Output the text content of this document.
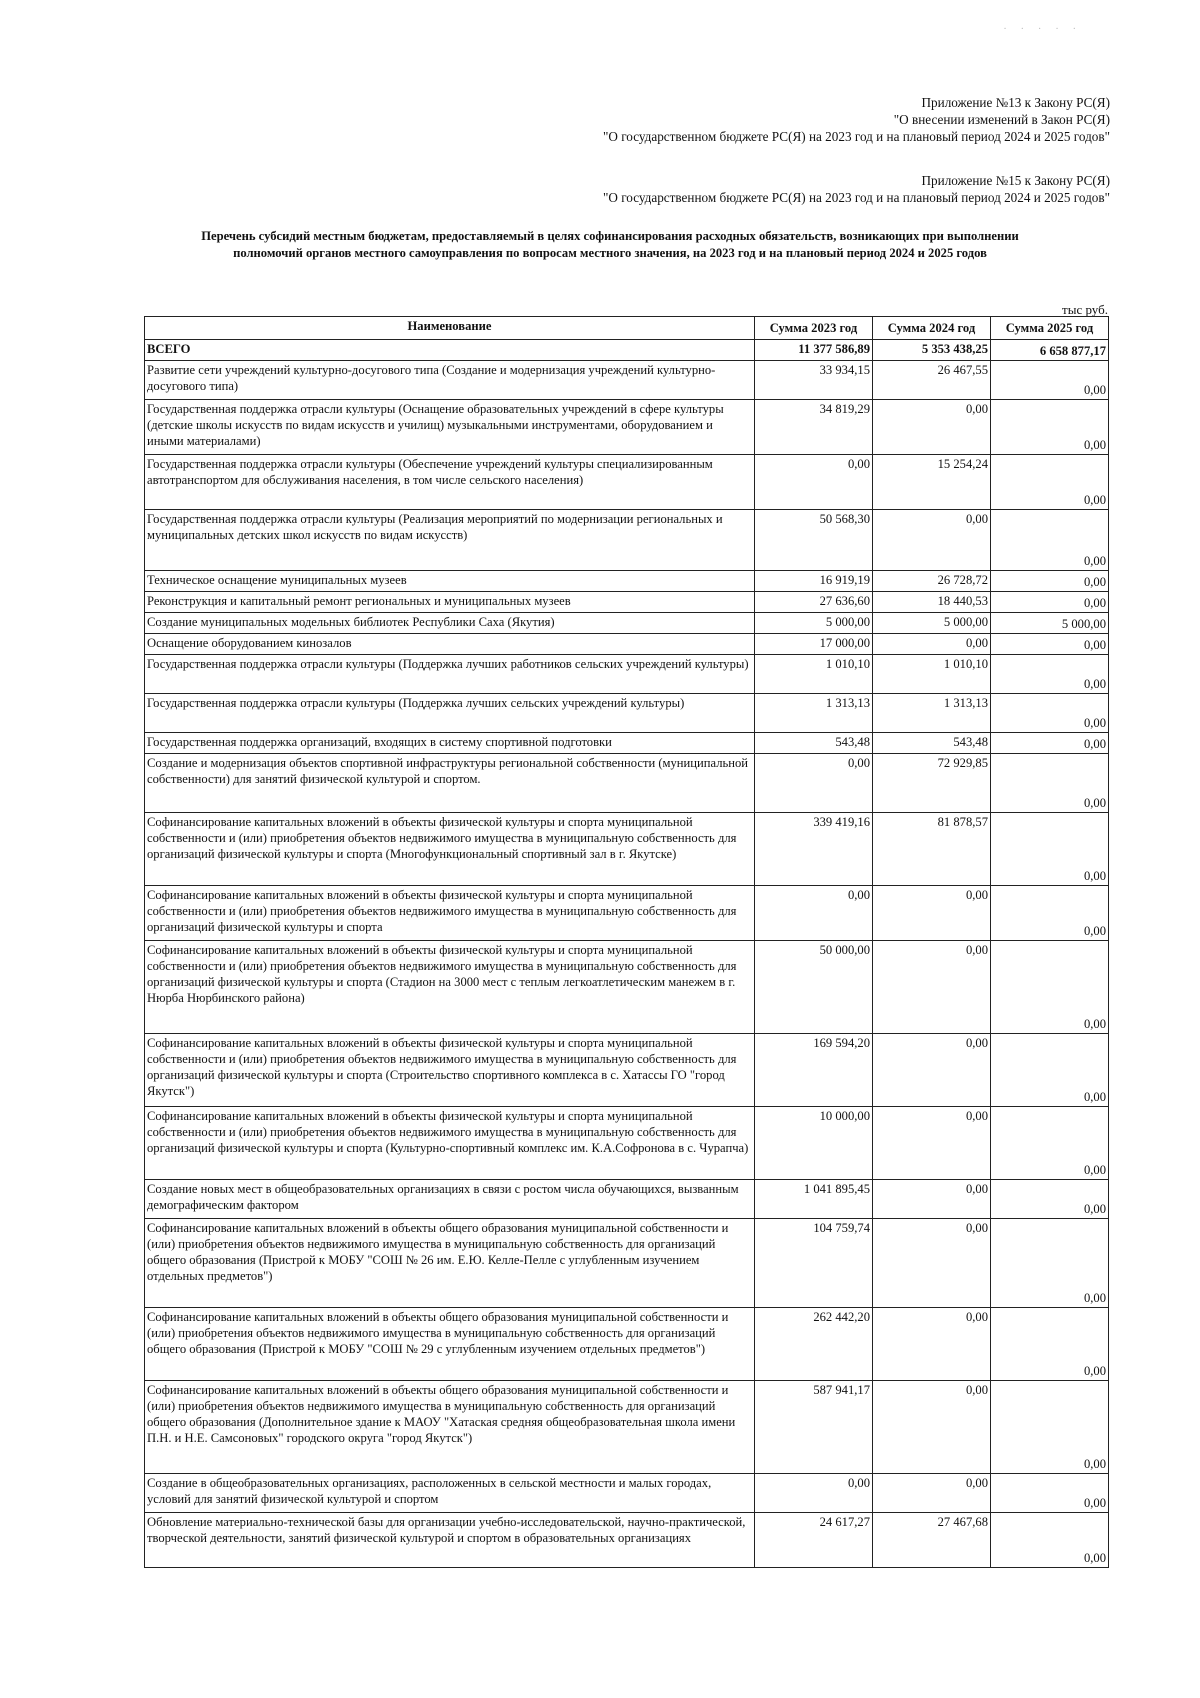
·····
Приложение №13 к Закону РС(Я)
"О внесении изменений в Закон РС(Я)
"О государственном бюджете РС(Я) на 2023 год и на плановый период 2024 и 2025 годов"
Приложение №15 к Закону РС(Я)
"О государственном бюджете РС(Я) на 2023 год и на плановый период 2024 и 2025 годов"
Перечень субсидий местным бюджетам, предоставляемый в целях софинансирования расходных обязательств, возникающих при выполнении
полномочий органов местного самоуправления по вопросам местного значения, на 2023 год и на плановый период 2024 и 2025 годов
тыс руб.
Наименование	Сумма 2023 год	Сумма 2024 год	Сумма 2025 год
ВСЕГО	11 377 586,89	5 353 438,25	6 658 877,17
Развитие сети учреждений культурно-досугового типа (Создание и модернизация учреждений культурно-досугового типа)	33 934,15	26 467,55	0,00
Государственная поддержка отрасли культуры (Оснащение образовательных учреждений в сфере культуры (детские школы искусств по видам искусств и училищ) музыкальными инструментами, оборудованием и иными материалами)	34 819,29	0,00	0,00
Государственная поддержка отрасли культуры (Обеспечение учреждений культуры специализированным автотранспортом для обслуживания населения, в том числе сельского населения)	0,00	15 254,24	0,00
Государственная поддержка отрасли культуры (Реализация мероприятий по модернизации региональных и муниципальных детских школ искусств по видам искусств)	50 568,30	0,00	0,00
Техническое оснащение муниципальных музеев	16 919,19	26 728,72	0,00
Реконструкция и капитальный ремонт региональных и муниципальных музеев	27 636,60	18 440,53	0,00
Создание муниципальных модельных библиотек Республики Саха (Якутия)	5 000,00	5 000,00	5 000,00
Оснащение оборудованием кинозалов	17 000,00	0,00	0,00
Государственная поддержка отрасли культуры (Поддержка лучших работников сельских учреждений культуры)	1 010,10	1 010,10	0,00
Государственная поддержка отрасли культуры (Поддержка лучших сельских учреждений культуры)	1 313,13	1 313,13	0,00
Государственная поддержка организаций, входящих в систему спортивной подготовки	543,48	543,48	0,00
Создание и модернизация объектов спортивной инфраструктуры региональной собственности (муниципальной собственности) для занятий физической культурой и спортом.	0,00	72 929,85	0,00
Софинансирование капитальных вложений в объекты физической культуры и спорта муниципальной собственности и (или) приобретения объектов недвижимого имущества в муниципальную собственность для организаций физической культуры и спорта (Многофункциональный спортивный зал в г. Якутске)	339 419,16	81 878,57	0,00
Софинансирование капитальных вложений в объекты физической культуры и спорта муниципальной собственности и (или) приобретения объектов недвижимого имущества в муниципальную собственность для организаций физической культуры и спорта	0,00	0,00	0,00
Софинансирование капитальных вложений в объекты физической культуры и спорта муниципальной собственности и (или) приобретения объектов недвижимого имущества в муниципальную собственность для организаций физической культуры и спорта (Стадион на 3000 мест с теплым легкоатлетическим манежем в г. Нюрба Нюрбинского района)	50 000,00	0,00	0,00
Софинансирование капитальных вложений в объекты физической культуры и спорта муниципальной собственности и (или) приобретения объектов недвижимого имущества в муниципальную собственность для организаций физической культуры и спорта (Строительство спортивного комплекса в с. Хатассы ГО "город Якутск")	169 594,20	0,00	0,00
Софинансирование капитальных вложений в объекты физической культуры и спорта муниципальной собственности и (или) приобретения объектов недвижимого имущества в муниципальную собственность для организаций физической культуры и спорта (Культурно-спортивный комплекс им. К.А.Софронова в с. Чурапча)	10 000,00	0,00	0,00
Создание новых мест в общеобразовательных организациях в связи с ростом числа обучающихся, вызванным демографическим фактором	1 041 895,45	0,00	0,00
Софинансирование капитальных вложений в объекты общего образования муниципальной собственности и (или) приобретения объектов недвижимого имущества в муниципальную собственность для организаций общего образования (Пристрой к МОБУ "СОШ № 26 им. Е.Ю. Келле-Пелле с углубленным изучением отдельных предметов")	104 759,74	0,00	0,00
Софинансирование капитальных вложений в объекты общего образования муниципальной собственности и (или) приобретения объектов недвижимого имущества в муниципальную собственность для организаций общего образования (Пристрой к МОБУ "СОШ № 29 с углубленным изучением отдельных предметов")	262 442,20	0,00	0,00
Софинансирование капитальных вложений в объекты общего образования муниципальной собственности и (или) приобретения объектов недвижимого имущества в муниципальную собственность для организаций общего образования (Дополнительное здание к МАОУ "Хатаская средняя общеобразовательная школа имени П.Н. и Н.Е. Самсоновых" городского округа "город Якутск")	587 941,17	0,00	0,00
Создание в общеобразовательных организациях, расположенных в сельской местности и малых городах, условий для занятий физической культурой и спортом	0,00	0,00	0,00
Обновление материально-технической базы для организации учебно-исследовательской, научно-практической, творческой деятельности, занятий физической культурой и спортом в образовательных организациях	24 617,27	27 467,68	0,00
